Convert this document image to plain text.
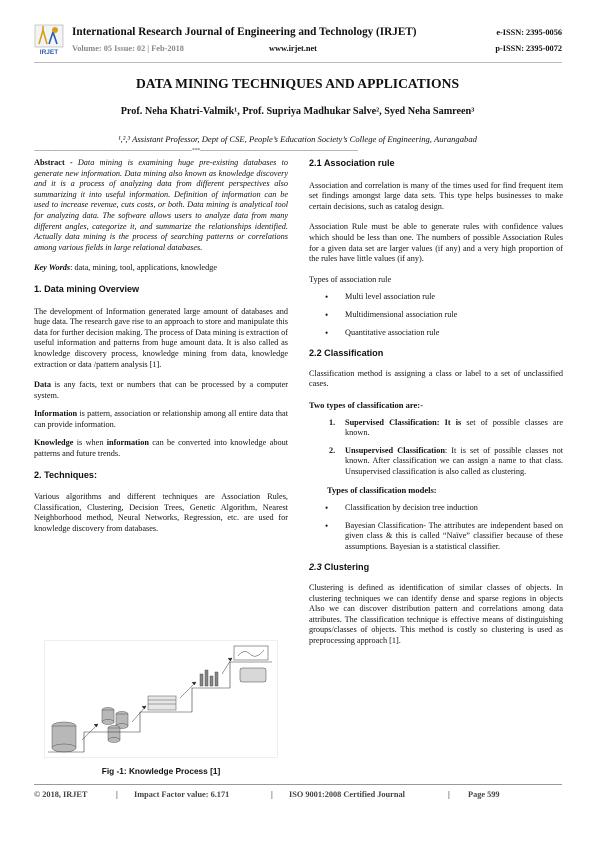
IRJET
International Research Journal of Engineering and Technology (IRJET)
Volume: 05 Issue: 02 | Feb-2018	www.irjet.net
e-ISSN: 2395-0056
p-ISSN: 2395-0072
DATA MINING TECHNIQUES AND APPLICATIONS
Prof. Neha Khatri-Valmik¹, Prof. Supriya Madhukar Salve², Syed Neha Samreen³
¹,²,³ Assistant Professor, Dept of CSE, People’s Education Society’s College of Engineering, Aurangabad
---------------------------------------------------------------------------------------------***---------------------------------------------------------------------------------------------

Abstract - Data mining is examining huge pre-existing databases to generate new information. Data mining also known as knowledge discovery and it is a process of analyzing data from different perspectives also summarizing it into useful information. Definition of information can be used to increase revenue, cuts costs, or both. Data mining is analytical tool for analyzing data. The software allows users to analyze data from many different angles, categorize it, and summarize the relationships identified. Actually data mining is the process of searching patterns or correlations among various fields in large relational databases.

Key Words: data, mining, tool, applications, knowledge

1. Data mining Overview

The development of Information generated large amount of databases and huge data. The research gave rise to an approach to store and manipulate this data for further decision making. The process of Data mining is extraction of useful information and patterns from huge amount data. It is also called as knowledge discovery process, knowledge mining from data, knowledge extraction or data /pattern analysis [1].

Data is any facts, text or numbers that can be processed by a computer system.

Information is pattern, association or relationship among all entire data that can provide information.

Knowledge is when information can be converted into knowledge about patterns and future trends.

2. Techniques:

Various algorithms and different techniques are Association Rules, Classification, Clustering, Decision Trees, Genetic Algorithm, Nearest Neighborhood method, Neural Networks, Regression, etc. are used for knowledge discovery from databases.

Fig -1: Knowledge Process [1]
2.1 Association rule

Association and correlation is many of the times used for find frequent item set findings amongst large data sets. This type helps businesses to make certain decisions, such as catalog design.

Association Rule must be able to generate rules with confidence values which should be less than one. The numbers of possible Association Rules for a given data set are larger values (if any) and a very high proportion of the rules have little values (if any).

Types of association rule

• Multi level association rule
• Multidimensional association rule
• Quantitative association rule
2.2 Classification

Classification method is assigning a class or label to a set of unclassified cases.

Two types of classification are:-

1. Supervised Classification: It is set of possible classes are known.
2. Unsupervised Classification: It is set of possible classes not known. After classification we can assign a name to that class. Unsupervised classification is also called as clustering.

Types of classification models:

• Classification by decision tree induction
• Bayesian Classification- The attributes are independent based on given class & this is called “Naïve” classifier because of these assumptions. Bayesian is a statistical classifier.
2.3 Clustering

Clustering is defined as identification of similar classes of objects. In clustering techniques we can identify dense and sparse regions in objects Also we can discover distribution pattern and correlations among data attributes. The classification technique is effective means of distinguishing groups/classes of objects. This method is costly so clustering is used as preprocessing approach [1].

© 2018, IRJET	| Impact Factor value: 6.171	| ISO 9001:2008 Certified Journal	| Page 599
